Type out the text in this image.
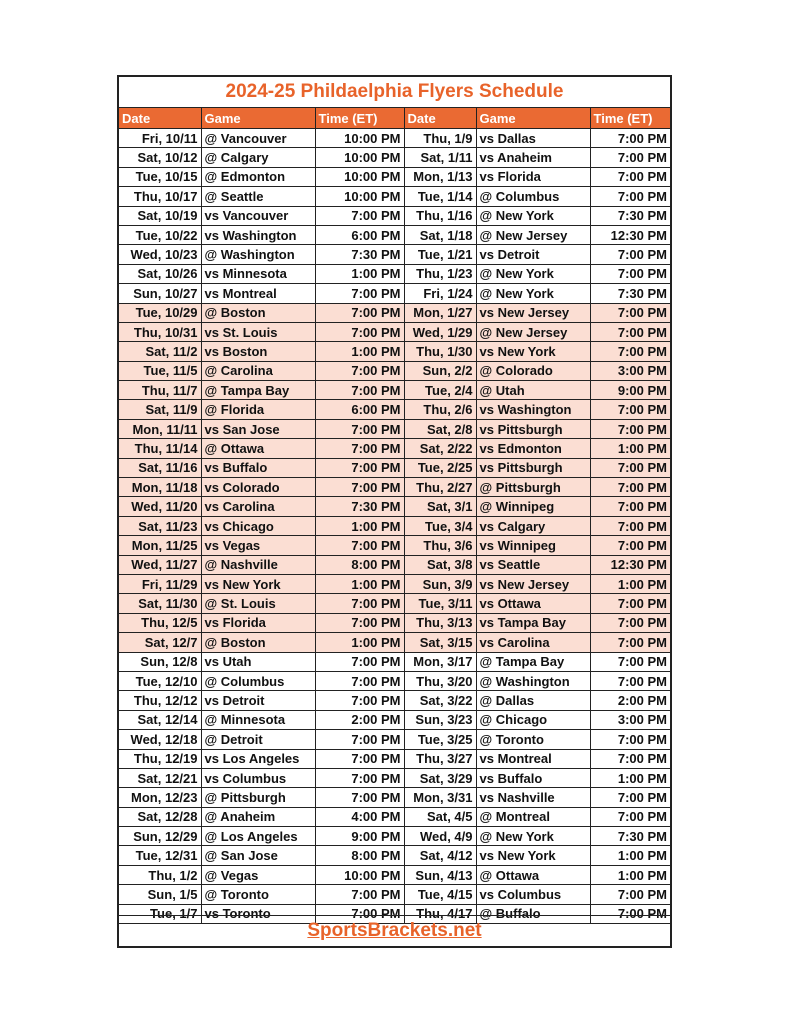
2024-25 Phildaelphia Flyers Schedule
Date	Game	Time (ET)	Date	Game	Time (ET)
Fri, 10/11	@ Vancouver	10:00 PM	Thu, 1/9	vs Dallas	7:00 PM
Sat, 10/12	@ Calgary	10:00 PM	Sat, 1/11	vs Anaheim	7:00 PM
Tue, 10/15	@ Edmonton	10:00 PM	Mon, 1/13	vs Florida	7:00 PM
Thu, 10/17	@ Seattle	10:00 PM	Tue, 1/14	@ Columbus	7:00 PM
Sat, 10/19	vs Vancouver	7:00 PM	Thu, 1/16	@ New York	7:30 PM
Tue, 10/22	vs Washington	6:00 PM	Sat, 1/18	@ New Jersey	12:30 PM
Wed, 10/23	@ Washington	7:30 PM	Tue, 1/21	vs Detroit	7:00 PM
Sat, 10/26	vs Minnesota	1:00 PM	Thu, 1/23	@ New York	7:00 PM
Sun, 10/27	vs Montreal	7:00 PM	Fri, 1/24	@ New York	7:30 PM
Tue, 10/29	@ Boston	7:00 PM	Mon, 1/27	vs New Jersey	7:00 PM
Thu, 10/31	vs St. Louis	7:00 PM	Wed, 1/29	@ New Jersey	7:00 PM
Sat, 11/2	vs Boston	1:00 PM	Thu, 1/30	vs New York	7:00 PM
Tue, 11/5	@ Carolina	7:00 PM	Sun, 2/2	@ Colorado	3:00 PM
Thu, 11/7	@ Tampa Bay	7:00 PM	Tue, 2/4	@ Utah	9:00 PM
Sat, 11/9	@ Florida	6:00 PM	Thu, 2/6	vs Washington	7:00 PM
Mon, 11/11	vs San Jose	7:00 PM	Sat, 2/8	vs Pittsburgh	7:00 PM
Thu, 11/14	@ Ottawa	7:00 PM	Sat, 2/22	vs Edmonton	1:00 PM
Sat, 11/16	vs Buffalo	7:00 PM	Tue, 2/25	vs Pittsburgh	7:00 PM
Mon, 11/18	vs Colorado	7:00 PM	Thu, 2/27	@ Pittsburgh	7:00 PM
Wed, 11/20	vs Carolina	7:30 PM	Sat, 3/1	@ Winnipeg	7:00 PM
Sat, 11/23	vs Chicago	1:00 PM	Tue, 3/4	vs Calgary	7:00 PM
Mon, 11/25	vs Vegas	7:00 PM	Thu, 3/6	vs Winnipeg	7:00 PM
Wed, 11/27	@ Nashville	8:00 PM	Sat, 3/8	vs Seattle	12:30 PM
Fri, 11/29	vs New York	1:00 PM	Sun, 3/9	vs New Jersey	1:00 PM
Sat, 11/30	@ St. Louis	7:00 PM	Tue, 3/11	vs Ottawa	7:00 PM
Thu, 12/5	vs Florida	7:00 PM	Thu, 3/13	vs Tampa Bay	7:00 PM
Sat, 12/7	@ Boston	1:00 PM	Sat, 3/15	vs Carolina	7:00 PM
Sun, 12/8	vs Utah	7:00 PM	Mon, 3/17	@ Tampa Bay	7:00 PM
Tue, 12/10	@ Columbus	7:00 PM	Thu, 3/20	@ Washington	7:00 PM
Thu, 12/12	vs Detroit	7:00 PM	Sat, 3/22	@ Dallas	2:00 PM
Sat, 12/14	@ Minnesota	2:00 PM	Sun, 3/23	@ Chicago	3:00 PM
Wed, 12/18	@ Detroit	7:00 PM	Tue, 3/25	@ Toronto	7:00 PM
Thu, 12/19	vs Los Angeles	7:00 PM	Thu, 3/27	vs Montreal	7:00 PM
Sat, 12/21	vs Columbus	7:00 PM	Sat, 3/29	vs Buffalo	1:00 PM
Mon, 12/23	@ Pittsburgh	7:00 PM	Mon, 3/31	vs Nashville	7:00 PM
Sat, 12/28	@ Anaheim	4:00 PM	Sat, 4/5	@ Montreal	7:00 PM
Sun, 12/29	@ Los Angeles	9:00 PM	Wed, 4/9	@ New York	7:30 PM
Tue, 12/31	@ San Jose	8:00 PM	Sat, 4/12	vs New York	1:00 PM
Thu, 1/2	@ Vegas	10:00 PM	Sun, 4/13	@ Ottawa	1:00 PM
Sun, 1/5	@ Toronto	7:00 PM	Tue, 4/15	vs Columbus	7:00 PM
Tue, 1/7	vs Toronto	7:00 PM	Thu, 4/17	@ Buffalo	7:00 PM
SportsBrackets.net
